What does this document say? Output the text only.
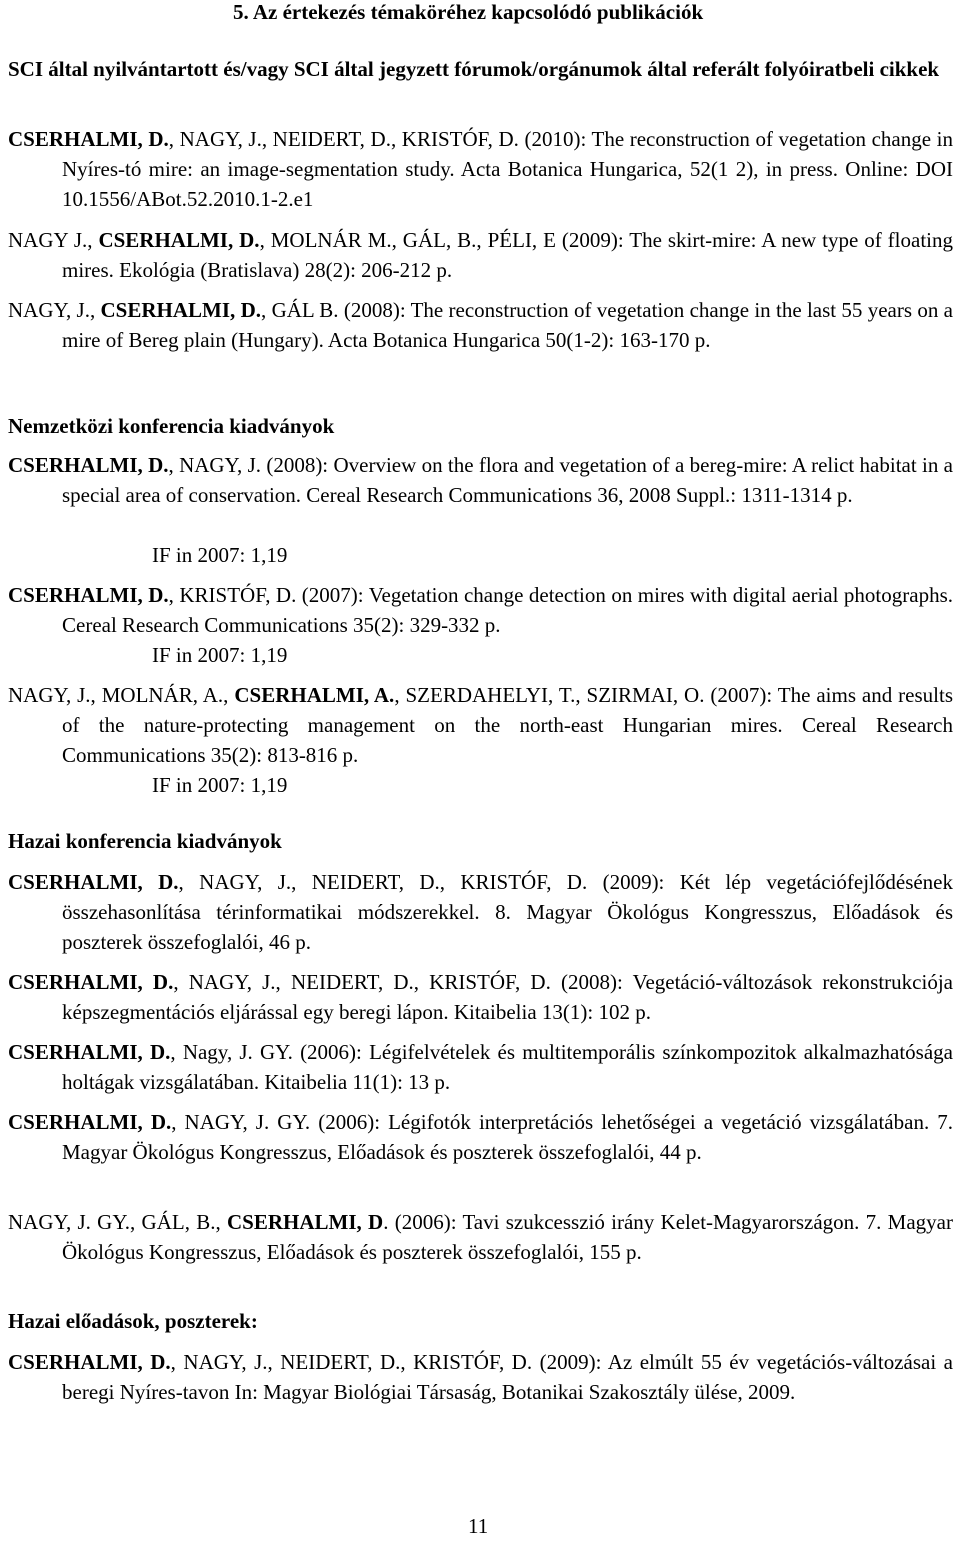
5. Az értekezés témaköréhez kapcsolódó publikációk
SCI által nyilvántartott és/vagy SCI által jegyzett fórumok/orgánumok által referált folyóiratbeli cikkek
CSERHALMI, D., NAGY, J., NEIDERT, D., KRISTÓF, D. (2010): The reconstruction of vegetation change in Nyíres-tó mire: an image-segmentation study. Acta Botanica Hungarica, 52(1 2), in press. Online: DOI 10.1556/ABot.52.2010.1-2.e1
NAGY J., CSERHALMI, D., MOLNÁR M., GÁL, B., PÉLI, E (2009): The skirt-mire: A new type of floating mires. Ekológia (Bratislava) 28(2): 206-212 p.
NAGY, J., CSERHALMI, D., GÁL B. (2008): The reconstruction of vegetation change in the last 55 years on a mire of Bereg plain (Hungary). Acta Botanica Hungarica 50(1-2): 163-170 p.
Nemzetközi konferencia kiadványok
CSERHALMI, D., NAGY, J. (2008): Overview on the flora and vegetation of a bereg-mire: A relict habitat in a special area of conservation. Cereal Research Communications 36, 2008 Suppl.: 1311-1314 p.
IF in 2007: 1,19
CSERHALMI, D., KRISTÓF, D. (2007): Vegetation change detection on mires with digital aerial photographs. Cereal Research Communications 35(2): 329-332 p.
IF in 2007: 1,19
NAGY, J., MOLNÁR, A., CSERHALMI, A., SZERDAHELYI, T., SZIRMAI, O. (2007): The aims and results of the nature-protecting management on the north-east Hungarian mires. Cereal Research Communications 35(2): 813-816 p.
IF in 2007: 1,19
Hazai konferencia kiadványok
CSERHALMI, D., NAGY, J., NEIDERT, D., KRISTÓF, D. (2009): Két lép vegetációfejlődésének összehasonlítása térinformatikai módszerekkel. 8. Magyar Ökológus Kongresszus, Előadások és poszterek összefoglalói, 46 p.
CSERHALMI, D., NAGY, J., NEIDERT, D., KRISTÓF, D. (2008): Vegetáció-változások rekonstrukciója képszegmentációs eljárással egy beregi lápon. Kitaibelia 13(1): 102 p.
CSERHALMI, D., Nagy, J. GY. (2006): Légifelvételek és multitemporális színkompozitok alkalmazhatósága holtágak vizsgálatában. Kitaibelia 11(1): 13 p.
CSERHALMI, D., NAGY, J. GY. (2006): Légifotók interpretációs lehetőségei a vegetáció vizsgálatában. 7. Magyar Ökológus Kongresszus, Előadások és poszterek összefoglalói, 44 p.
NAGY, J. GY., GÁL, B., CSERHALMI, D. (2006): Tavi szukcesszió irány Kelet-Magyarországon. 7. Magyar Ökológus Kongresszus, Előadások és poszterek összefoglalói, 155 p.
Hazai előadások, poszterek:
CSERHALMI, D., NAGY, J., NEIDERT, D., KRISTÓF, D. (2009): Az elmúlt 55 év vegetációs-változásai a beregi Nyíres-tavon In: Magyar Biológiai Társaság, Botanikai Szakosztály ülése, 2009.
11
